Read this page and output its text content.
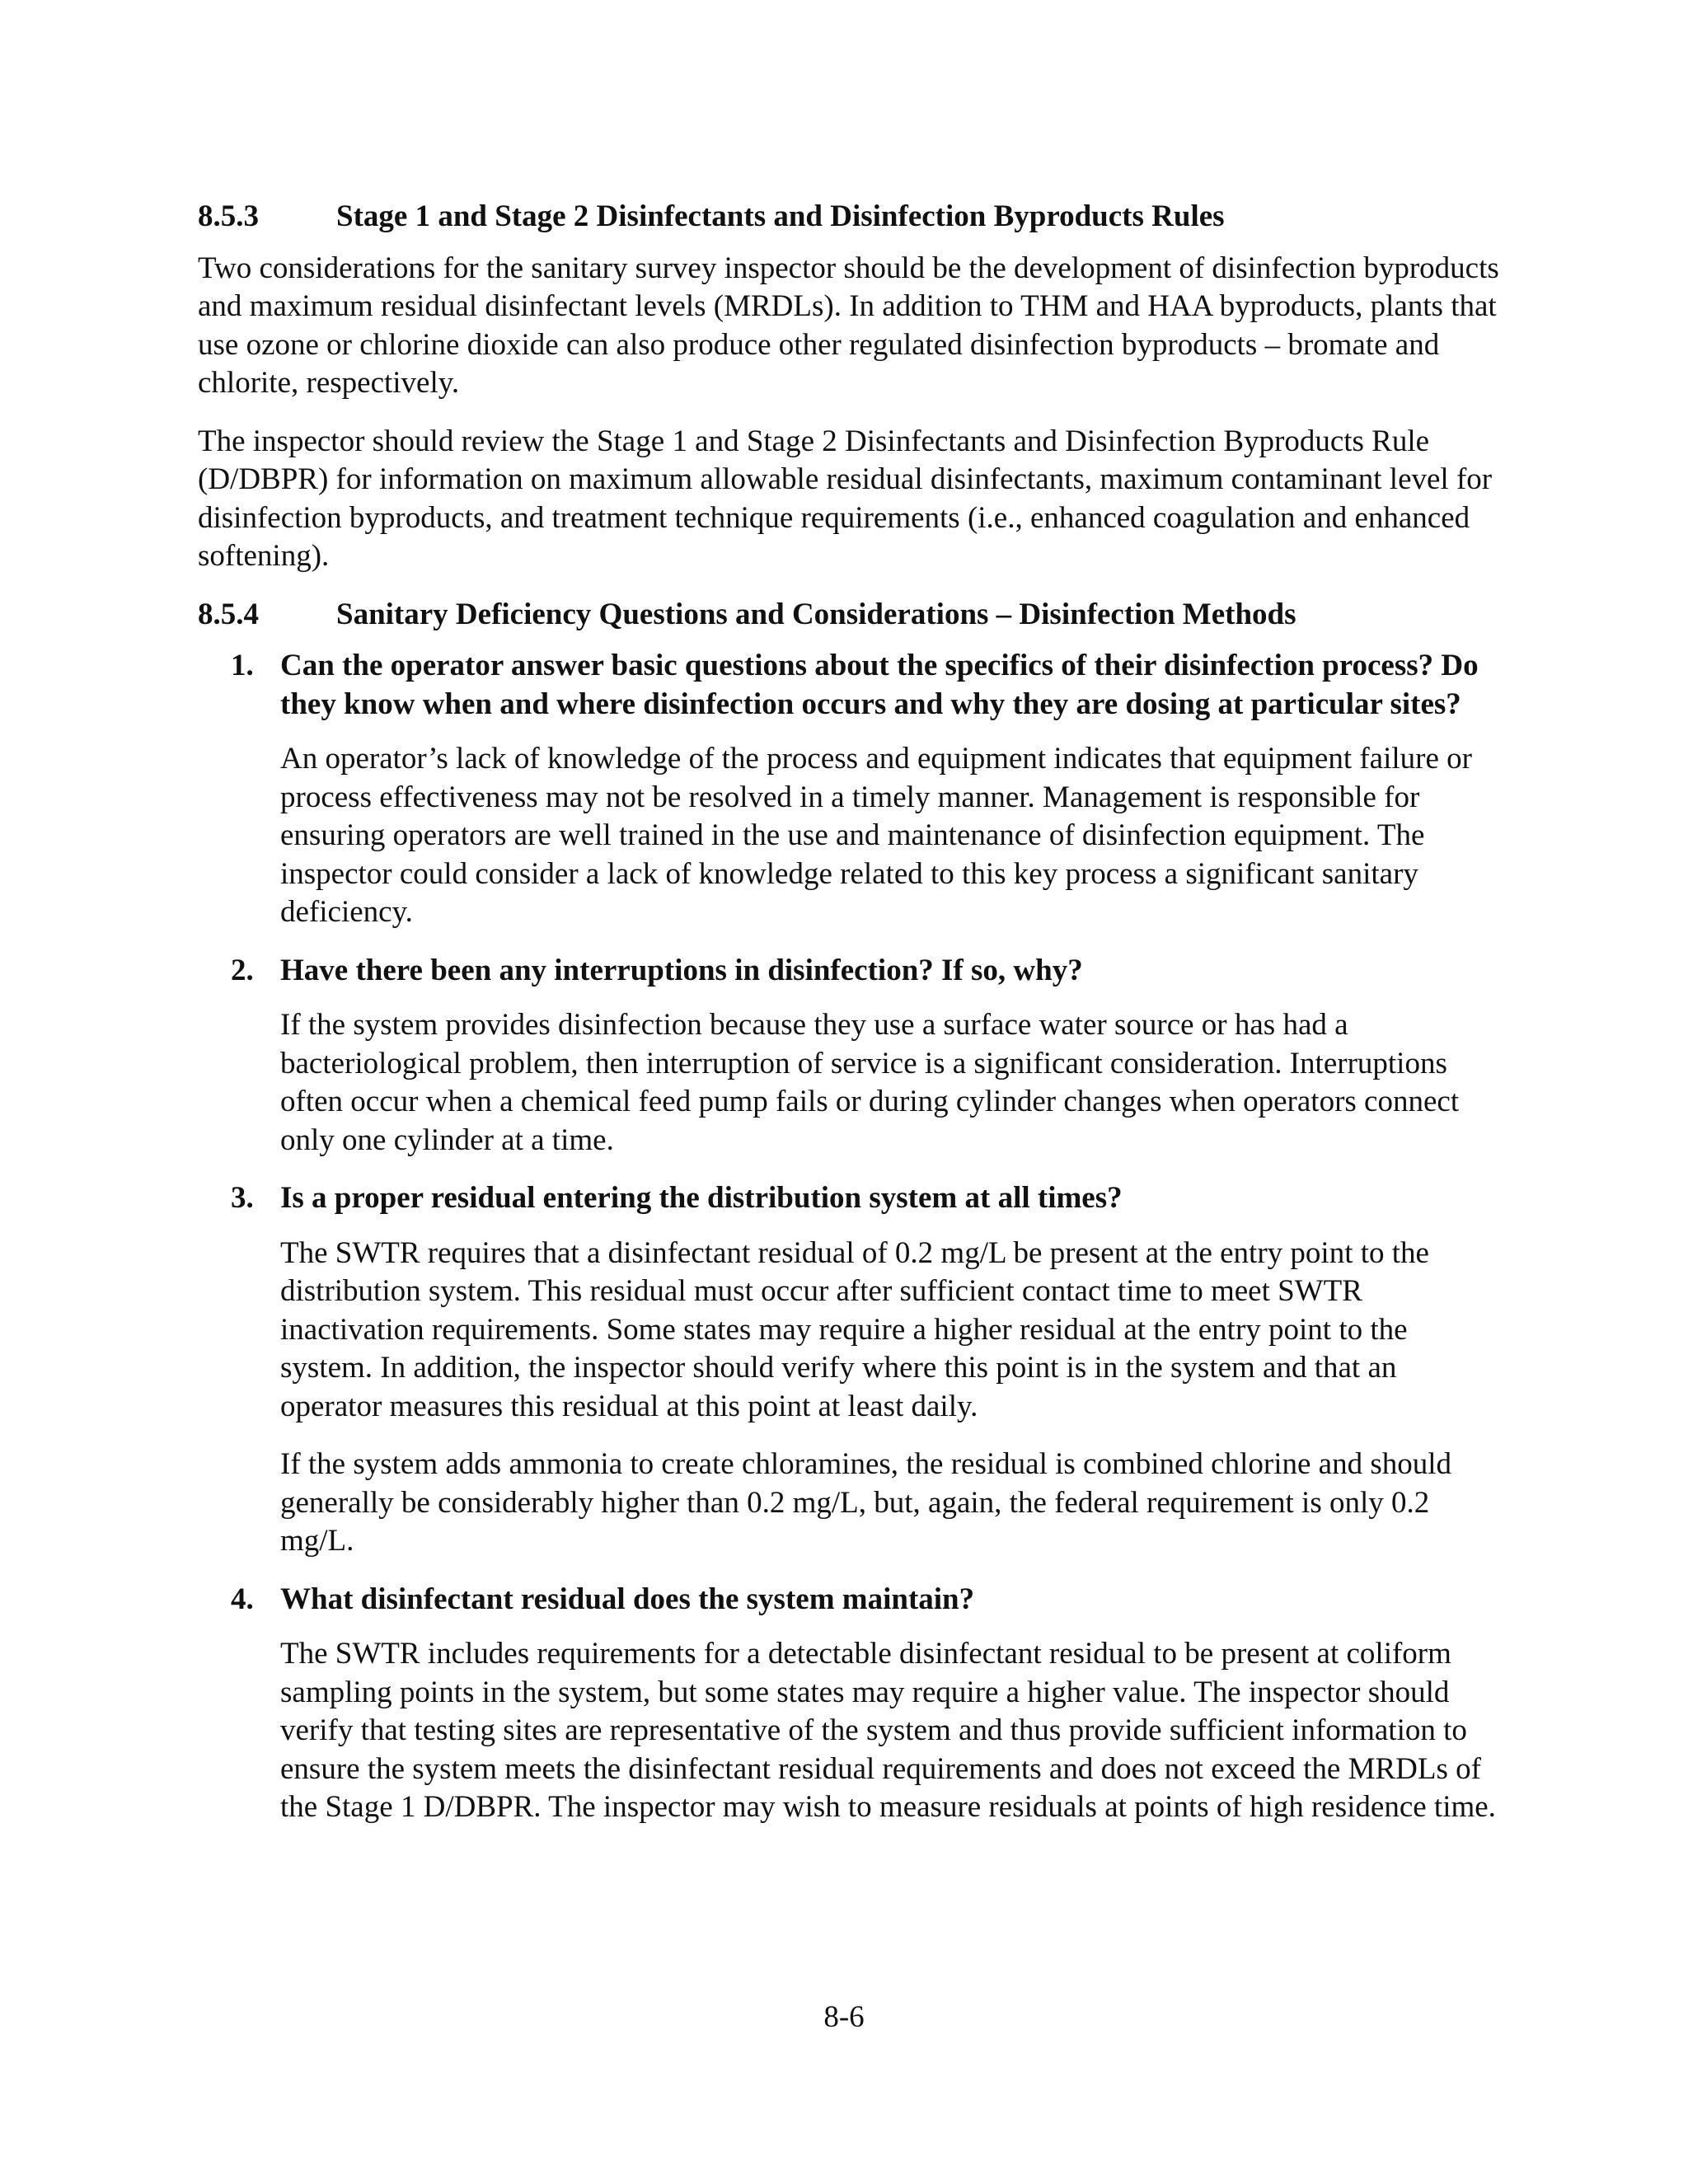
8.5.3	Stage 1 and Stage 2 Disinfectants and Disinfection Byproducts Rules

Two considerations for the sanitary survey inspector should be the development of disinfection byproducts and maximum residual disinfectant levels (MRDLs). In addition to THM and HAA byproducts, plants that use ozone or chlorine dioxide can also produce other regulated disinfection byproducts – bromate and chlorite, respectively.

The inspector should review the Stage 1 and Stage 2 Disinfectants and Disinfection Byproducts Rule (D/DBPR) for information on maximum allowable residual disinfectants, maximum contaminant level for disinfection byproducts, and treatment technique requirements (i.e., enhanced coagulation and enhanced softening).

8.5.4	Sanitary Deficiency Questions and Considerations – Disinfection Methods
1. Can the operator answer basic questions about the specifics of their disinfection process? Do they know when and where disinfection occurs and why they are dosing at particular sites?

An operator’s lack of knowledge of the process and equipment indicates that equipment failure or process effectiveness may not be resolved in a timely manner. Management is responsible for ensuring operators are well trained in the use and maintenance of disinfection equipment. The inspector could consider a lack of knowledge related to this key process a significant sanitary deficiency.

2. Have there been any interruptions in disinfection? If so, why?

If the system provides disinfection because they use a surface water source or has had a bacteriological problem, then interruption of service is a significant consideration. Interruptions often occur when a chemical feed pump fails or during cylinder changes when operators connect only one cylinder at a time.

3. Is a proper residual entering the distribution system at all times?

The SWTR requires that a disinfectant residual of 0.2 mg/L be present at the entry point to the distribution system. This residual must occur after sufficient contact time to meet SWTR inactivation requirements. Some states may require a higher residual at the entry point to the system. In addition, the inspector should verify where this point is in the system and that an operator measures this residual at this point at least daily.

If the system adds ammonia to create chloramines, the residual is combined chlorine and should generally be considerably higher than 0.2 mg/L, but, again, the federal requirement is only 0.2 mg/L.

4. What disinfectant residual does the system maintain?

The SWTR includes requirements for a detectable disinfectant residual to be present at coliform sampling points in the system, but some states may require a higher value. The inspector should verify that testing sites are representative of the system and thus provide sufficient information to ensure the system meets the disinfectant residual requirements and does not exceed the MRDLs of the Stage 1 D/DBPR. The inspector may wish to measure residuals at points of high residence time.

8-6
